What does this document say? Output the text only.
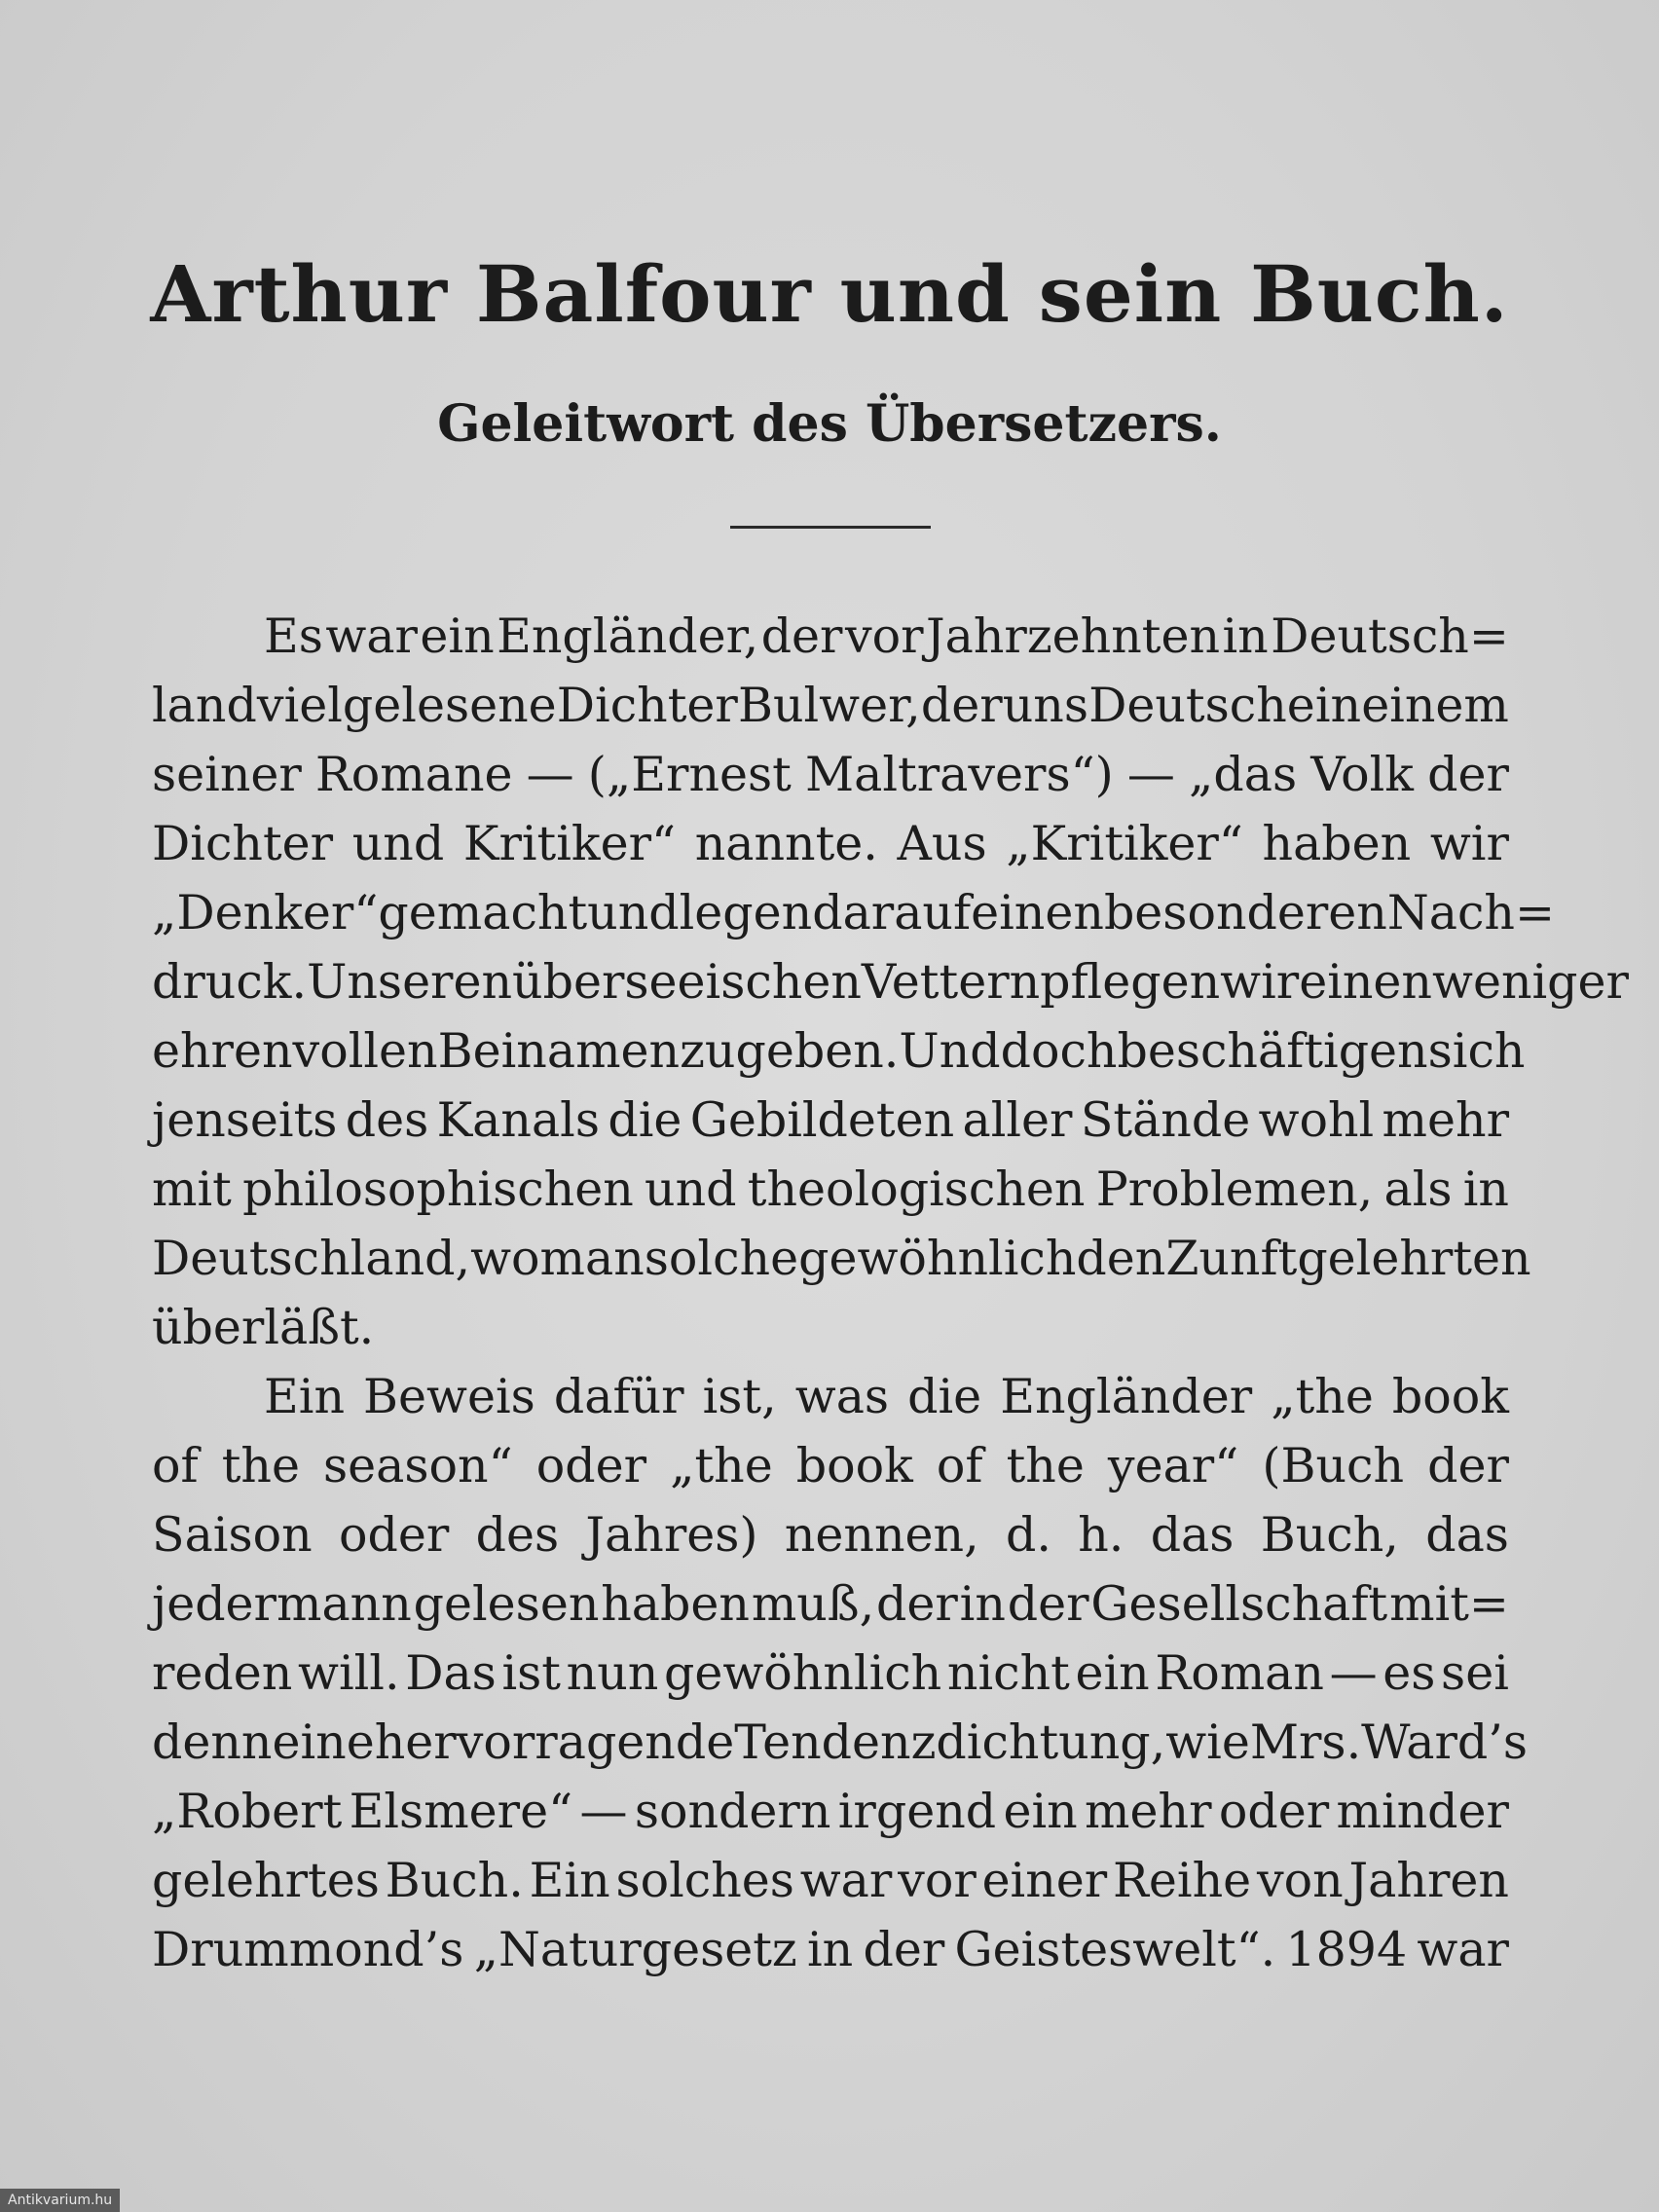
Arthur Balfour und sein Buch.
Geleitwort des Übersetzers.
Es war ein Engländer, der vor Jahrzehnten in Deutsch=
land vielgelesene Dichter Bulwer, der uns Deutsche in einem
seiner Romane — („Ernest Maltravers“) — „das Volk der
Dichter und Kritiker“ nannte. Aus „Kritiker“ haben wir
„Denker“ gemacht und legen darauf einen besonderen Nach=
druck. Unseren überseeischen Vettern pflegen wir einen weniger
ehrenvollen Beinamen zu geben. Und doch beschäftigen sich
jenseits des Kanals die Gebildeten aller Stände wohl mehr
mit philosophischen und theologischen Problemen, als in
Deutschland, wo man solche gewöhnlich den Zunftgelehrten
überläßt.
Ein Beweis dafür ist, was die Engländer „the book
of the season“ oder „the book of the year“ (Buch der
Saison oder des Jahres) nennen, d. h. das Buch, das
jedermann gelesen haben muß, der in der Gesellschaft mit=
reden will. Das ist nun gewöhnlich nicht ein Roman — es sei
denn eine hervorragende Tendenzdichtung, wie Mrs. Ward’s
„Robert Elsmere“ — sondern irgend ein mehr oder minder
gelehrtes Buch. Ein solches war vor einer Reihe von Jahren
Drummond’s „Naturgesetz in der Geisteswelt“. 1894 war
Antikvarium.hu
